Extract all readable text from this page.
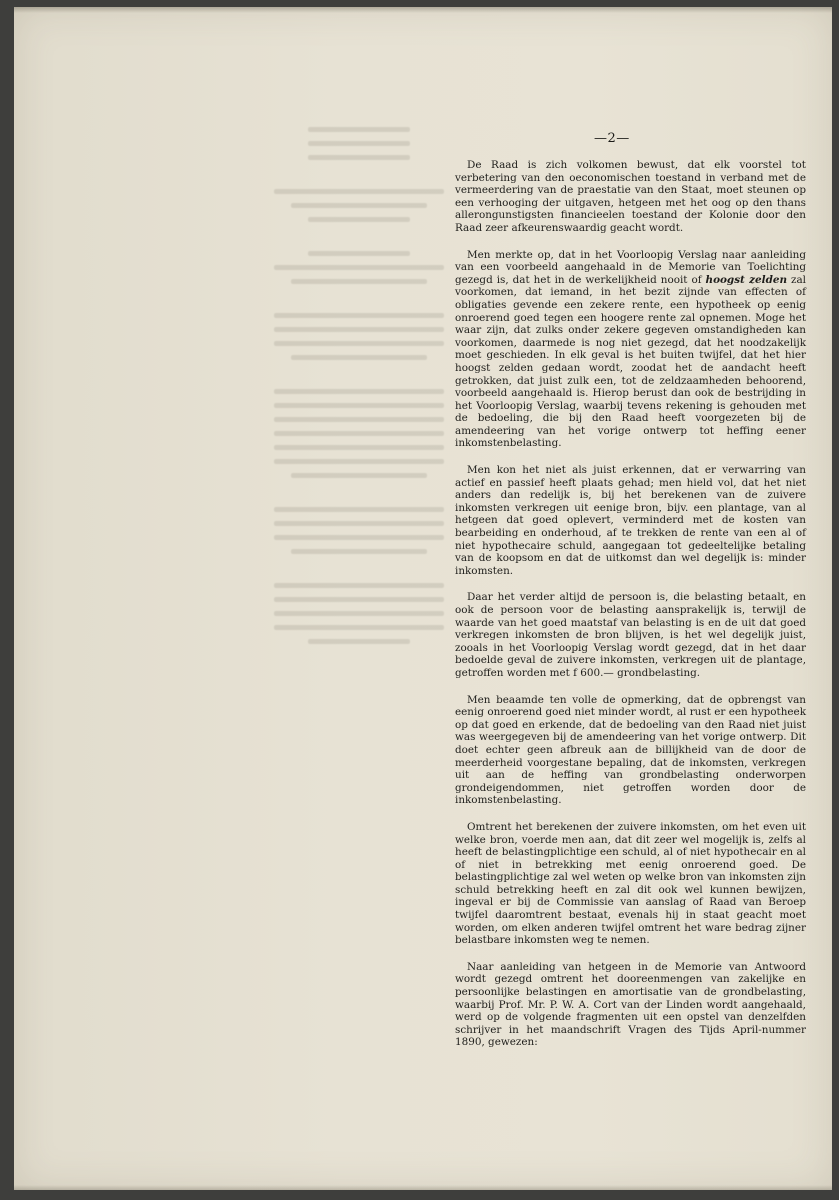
—2—

De Raad is zich volkomen bewust, dat elk voorstel tot verbetering van den oeconomischen toestand in verband met de vermeerdering van de praestatie van den Staat, moet steunen op een verhooging der uitgaven, hetgeen met het oog op den thans allerongunstigsten financieelen toestand der Kolonie door den Raad zeer afkeurenswaardig geacht wordt.

Men merkte op, dat in het Voorloopig Verslag naar aanleiding van een voorbeeld aangehaald in de Memorie van Toelichting gezegd is, dat het in de werkelijkheid nooit of hoogst zelden zal voorkomen, dat iemand, in het bezit zijnde van effecten of obligaties gevende een zekere rente, een hypotheek op eenig onroerend goed tegen een hoogere rente zal opnemen. Moge het waar zijn, dat zulks onder zekere gegeven omstandigheden kan voorkomen, daarmede is nog niet gezegd, dat het noodzakelijk moet geschieden. In elk geval is het buiten twijfel, dat het hier hoogst zelden gedaan wordt, zoodat het de aandacht heeft getrokken, dat juist zulk een, tot de zeldzaamheden behoorend, voorbeeld aangehaald is. Hierop berust dan ook de bestrijding in het Voorloopig Verslag, waarbij tevens rekening is gehouden met de bedoeling, die bij den Raad heeft voorgezeten bij de amendeering van het vorige ontwerp tot heffing eener inkomstenbelasting.

Men kon het niet als juist erkennen, dat er verwarring van actief en passief heeft plaats gehad; men hield vol, dat het niet anders dan redelijk is, bij het berekenen van de zuivere inkomsten verkregen uit eenige bron, bijv. een plantage, van al hetgeen dat goed oplevert, verminderd met de kosten van bearbeiding en onderhoud, af te trekken de rente van een al of niet hypothecaire schuld, aangegaan tot gedeeltelijke betaling van de koopsom en dat de uitkomst dan wel degelijk is: minder inkomsten.

Daar het verder altijd de persoon is, die belasting betaalt, en ook de persoon voor de belasting aansprakelijk is, terwijl de waarde van het goed maatstaf van belasting is en de uit dat goed verkregen inkomsten de bron blijven, is het wel degelijk juist, zooals in het Voorloopig Verslag wordt gezegd, dat in het daar bedoelde geval de zuivere inkomsten, verkregen uit de plantage, getroffen worden met f 600.— grondbelasting.

Men beaamde ten volle de opmerking, dat de opbrengst van eenig onroerend goed niet minder wordt, al rust er een hypotheek op dat goed en erkende, dat de bedoeling van den Raad niet juist was weergegeven bij de amendeering van het vorige ontwerp. Dit doet echter geen afbreuk aan de billijkheid van de door de meerderheid voorgestane bepaling, dat de inkomsten, verkregen uit aan de heffing van grondbelasting onderworpen grondeigendommen, niet getroffen worden door de inkomstenbelasting.

Omtrent het berekenen der zuivere inkomsten, om het even uit welke bron, voerde men aan, dat dit zeer wel mogelijk is, zelfs al heeft de belastingplichtige een schuld, al of niet hypothecair en al of niet in betrekking met eenig onroerend goed. De belastingplichtige zal wel weten op welke bron van inkomsten zijn schuld betrekking heeft en zal dit ook wel kunnen bewijzen, ingeval er bij de Commissie van aanslag of Raad van Beroep twijfel daaromtrent bestaat, evenals hij in staat geacht moet worden, om elken anderen twijfel omtrent het ware bedrag zijner belastbare inkomsten weg te nemen.

Naar aanleiding van hetgeen in de Memorie van Antwoord wordt gezegd omtrent het dooreenmengen van zakelijke en persoonlijke belastingen en amortisatie van de grondbelasting, waarbij Prof. Mr. P. W. A. Cort van der Linden wordt aangehaald, werd op de volgende fragmenten uit een opstel van denzelfden schrijver in het maandschrift Vragen des Tijds April-nummer 1890, gewezen:
